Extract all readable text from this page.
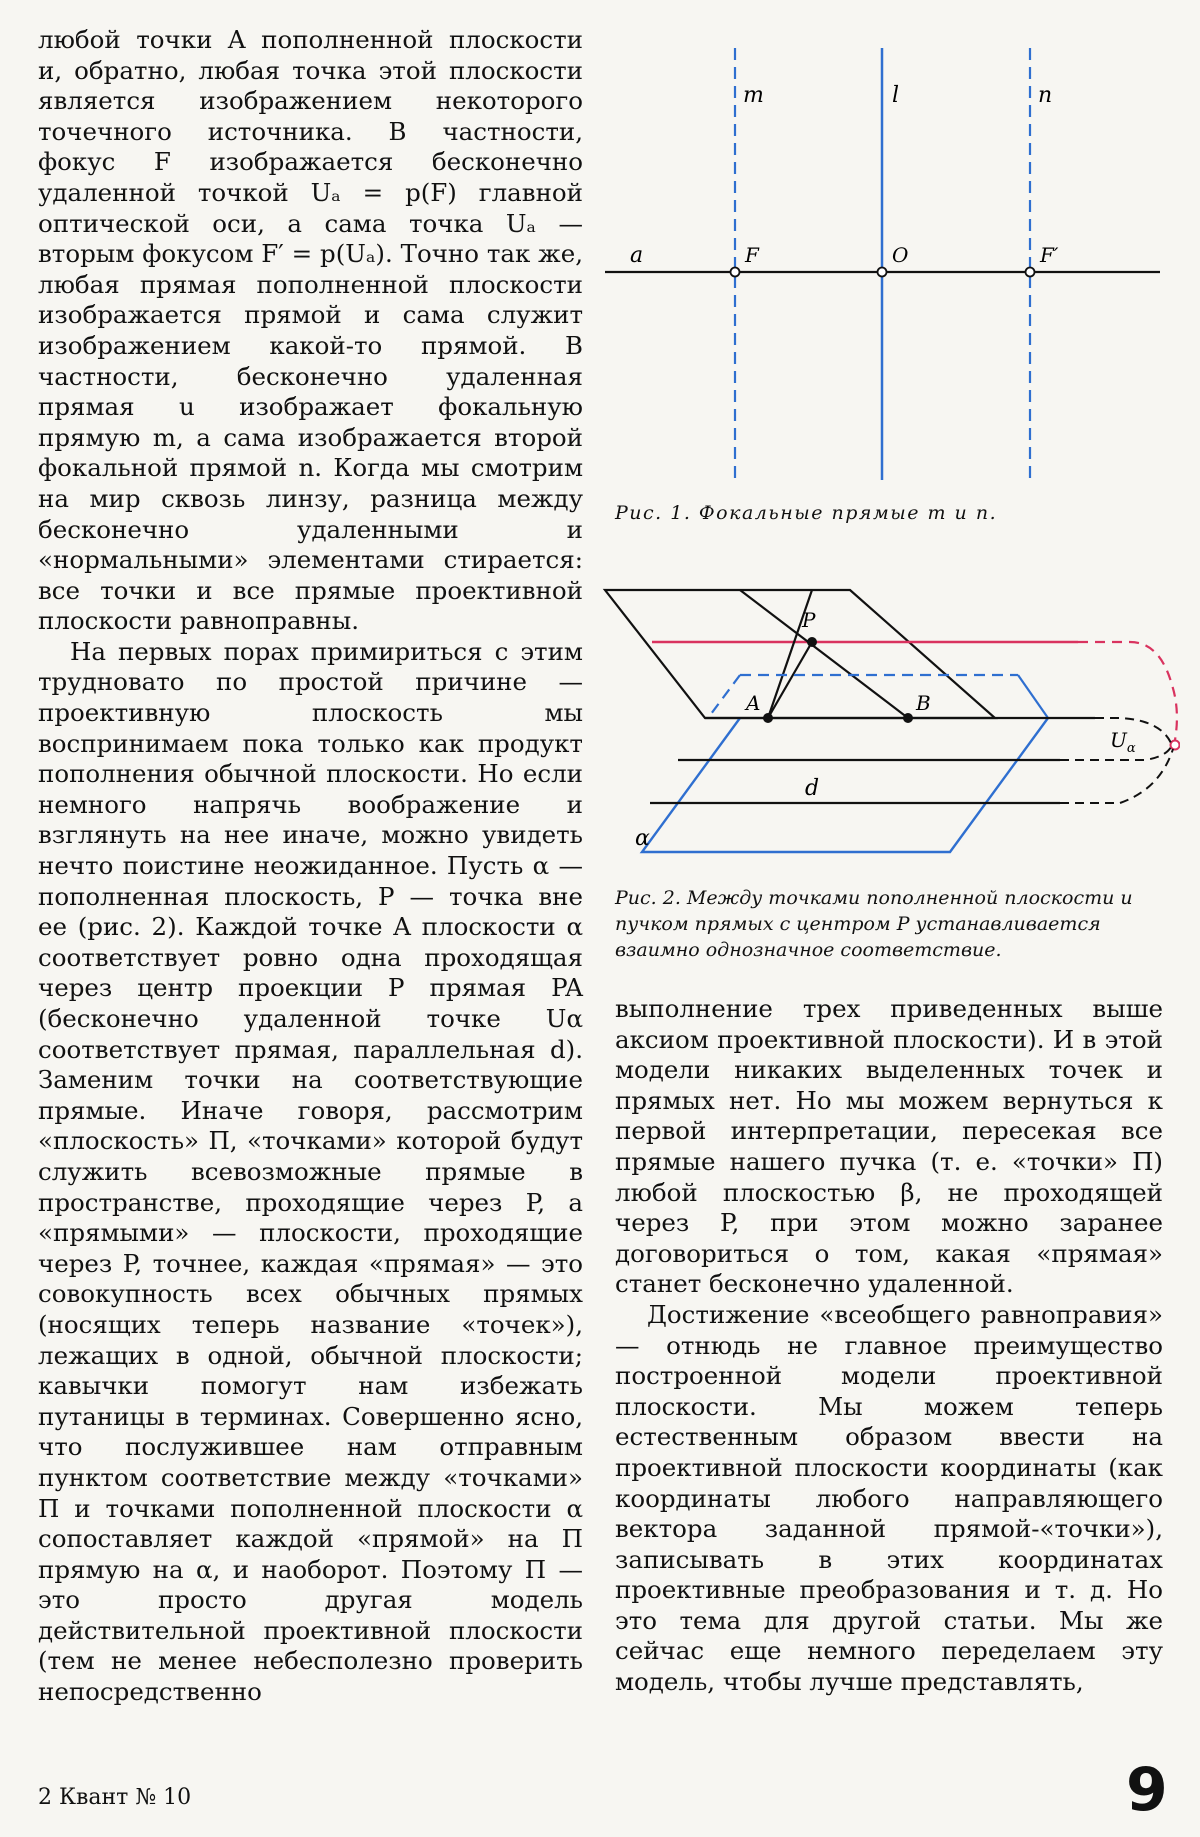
любой точки A пополненной плоскости и, обратно, любая точка этой плоскости является изображением некоторого точечного источника. В частности, фокус F изображается бесконечно удаленной точкой Uₐ = p(F) главной оптической оси, а сама точка Uₐ — вторым фокусом F′ = p(Uₐ). Точно так же, любая прямая пополненной плоскости изображается прямой и сама служит изображением какой-то прямой. В частности, бесконечно удаленная прямая u изображает фокальную прямую m, а сама изображается второй фокальной прямой n. Когда мы смотрим на мир сквозь линзу, разница между бесконечно удаленными и «нормальными» элементами стирается: все точки и все прямые проективной плоскости равноправны.

На первых порах примириться с этим трудновато по простой причине — проективную плоскость мы воспринимаем пока только как продукт пополнения обычной плоскости. Но если немного напрячь воображение и взглянуть на нее иначе, можно увидеть нечто поистине неожиданное. Пусть α — пополненная плоскость, P — точка вне ее (рис. 2). Каждой точке A плоскости α соответствует ровно одна проходящая через центр проекции P прямая PA (бесконечно удаленной точке Uα соответствует прямая, параллельная d). Заменим точки на соответствующие прямые. Иначе говоря, рассмотрим «плоскость» Π, «точками» которой будут служить всевозможные прямые в пространстве, проходящие через P, а «прямыми» — плоскости, проходящие через P, точнее, каждая «прямая» — это совокупность всех обычных прямых (носящих теперь название «точек»), лежащих в одной, обычной плоскости; кавычки помогут нам избежать путаницы в терминах. Совершенно ясно, что послужившее нам отправным пунктом соответствие между «точками» Π и точками пополненной плоскости α сопоставляет каждой «прямой» на Π прямую на α, и наоборот. Поэтому Π — это просто другая модель действительной проективной плоскости (тем не менее небесполезно проверить непосредственно

m	l	n
a	F	O	F′
Рис. 1. Фокальные прямые m и n.
P
A	B
$U_\alpha$
d
α
Рис. 2. Между точками пополненной плоскости и пучком прямых с центром P устанавливается взаимно однозначное соответствие.

выполнение трех приведенных выше аксиом проективной плоскости). И в этой модели никаких выделенных точек и прямых нет. Но мы можем вернуться к первой интерпретации, пересекая все прямые нашего пучка (т. е. «точки» Π) любой плоскостью β, не проходящей через P, при этом можно заранее договориться о том, какая «прямая» станет бесконечно удаленной.

Достижение «всеобщего равноправия» — отнюдь не главное преимущество построенной модели проективной плоскости. Мы можем теперь естественным образом ввести на проективной плоскости координаты (как координаты любого направляющего вектора заданной прямой-«точки»), записывать в этих координатах проективные преобразования и т. д. Но это тема для другой статьи. Мы же сейчас еще немного переделаем эту модель, чтобы лучше представлять,

2 Квант № 10	9
